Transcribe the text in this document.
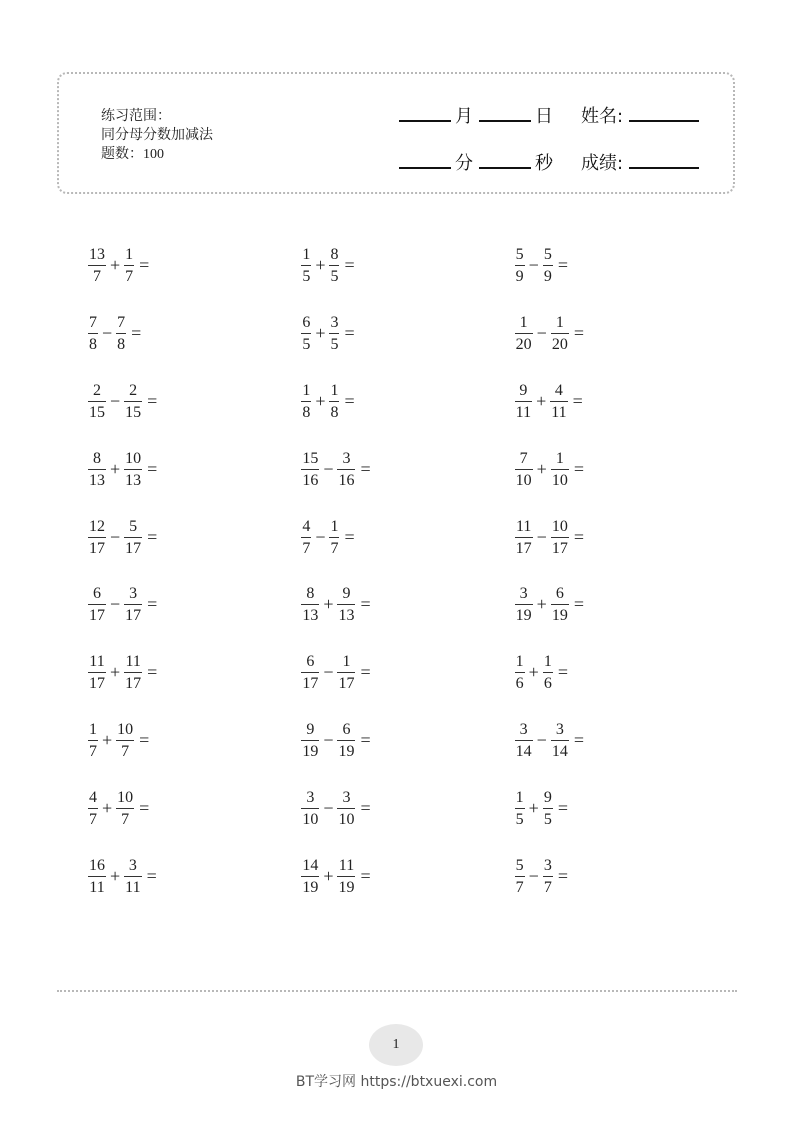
练习范围：
同分母分数加减法
题数：100
月	日 姓名:
分	秒 成绩:
$\frac{13}{7} + \frac{1}{7}$ =	$\frac{1}{5} + \frac{8}{5}$ =	$\frac{5}{9} - \frac{5}{9}$ =
$\frac{7}{8} - \frac{7}{8}$ =	$\frac{6}{5} + \frac{3}{5}$ =	$\frac{1}{20} - \frac{1}{20}$ =
$\frac{2}{15} - \frac{2}{15}$ =	$\frac{1}{8} + \frac{1}{8}$ =	$\frac{9}{11} + \frac{4}{11}$ =
$\frac{8}{13} + \frac{10}{13}$ =	$\frac{15}{16} - \frac{3}{16}$ =	$\frac{7}{10} + \frac{1}{10}$ =
$\frac{12}{17} - \frac{5}{17}$ =	$\frac{4}{7} - \frac{1}{7}$ =	$\frac{11}{17} - \frac{10}{17}$ =
$\frac{6}{17} - \frac{3}{17}$ =	$\frac{8}{13} + \frac{9}{13}$ =	$\frac{3}{19} + \frac{6}{19}$ =
$\frac{11}{17} + \frac{11}{17}$ =	$\frac{6}{17} - \frac{1}{17}$ =	$\frac{1}{6} + \frac{1}{6}$ =
$\frac{1}{7} + \frac{10}{7}$ =	$\frac{9}{19} - \frac{6}{19}$ =	$\frac{3}{14} - \frac{3}{14}$ =
$\frac{4}{7} + \frac{10}{7}$ =	$\frac{3}{10} - \frac{3}{10}$ =	$\frac{1}{5} + \frac{9}{5}$ =
$\frac{16}{11} + \frac{3}{11}$ =	$\frac{14}{19} + \frac{11}{19}$ =	$\frac{5}{7} - \frac{3}{7}$ =
1
BT学习网 https://btxuexi.com
